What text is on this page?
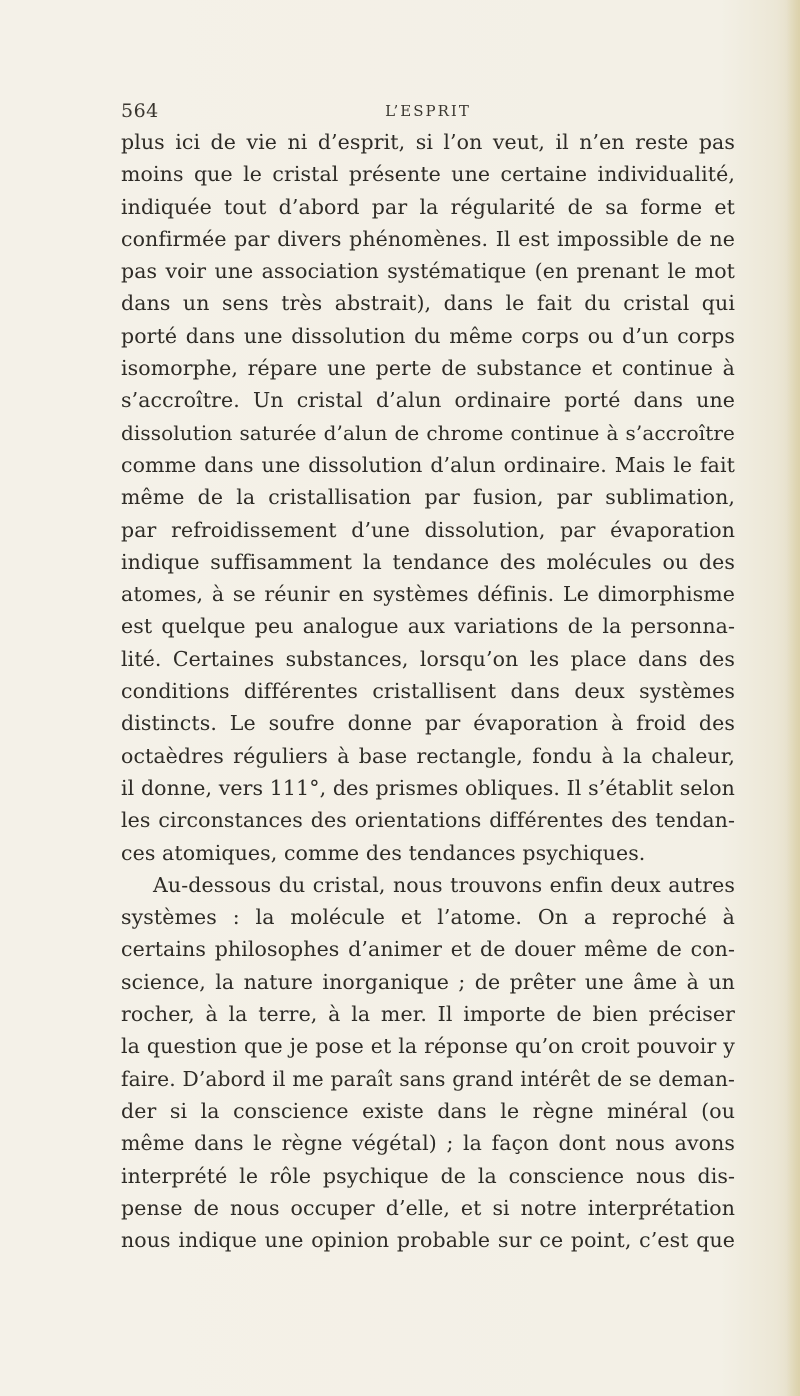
564	L’ESPRIT
plus ici de vie ni d’esprit, si l’on veut, il n’en reste pas
moins que le cristal présente une certaine individualité,
indiquée tout d’abord par la régularité de sa forme et
confirmée par divers phénomènes. Il est impossible de ne
pas voir une association systématique (en prenant le mot
dans un sens très abstrait), dans le fait du cristal qui
porté dans une dissolution du même corps ou d’un corps
isomorphe, répare une perte de substance et continue à
s’accroître. Un cristal d’alun ordinaire porté dans une
dissolution saturée d’alun de chrome continue à s’accroître
comme dans une dissolution d’alun ordinaire. Mais le fait
même de la cristallisation par fusion, par sublimation,
par refroidissement d’une dissolution, par évaporation
indique suffisamment la tendance des molécules ou des
atomes, à se réunir en systèmes définis. Le dimorphisme
est quelque peu analogue aux variations de la personna-
lité. Certaines substances, lorsqu’on les place dans des
conditions différentes cristallisent dans deux systèmes
distincts. Le soufre donne par évaporation à froid des
octaèdres réguliers à base rectangle, fondu à la chaleur,
il donne, vers 111°, des prismes obliques. Il s’établit selon
les circonstances des orientations différentes des tendan-
ces atomiques, comme des tendances psychiques.
Au-dessous du cristal, nous trouvons enfin deux autres
systèmes : la molécule et l’atome. On a reproché à
certains philosophes d’animer et de douer même de con-
science, la nature inorganique ; de prêter une âme à un
rocher, à la terre, à la mer. Il importe de bien préciser
la question que je pose et la réponse qu’on croit pouvoir y
faire. D’abord il me paraît sans grand intérêt de se deman-
der si la conscience existe dans le règne minéral (ou
même dans le règne végétal) ; la façon dont nous avons
interprété le rôle psychique de la conscience nous dis-
pense de nous occuper d’elle, et si notre interprétation
nous indique une opinion probable sur ce point, c’est que
